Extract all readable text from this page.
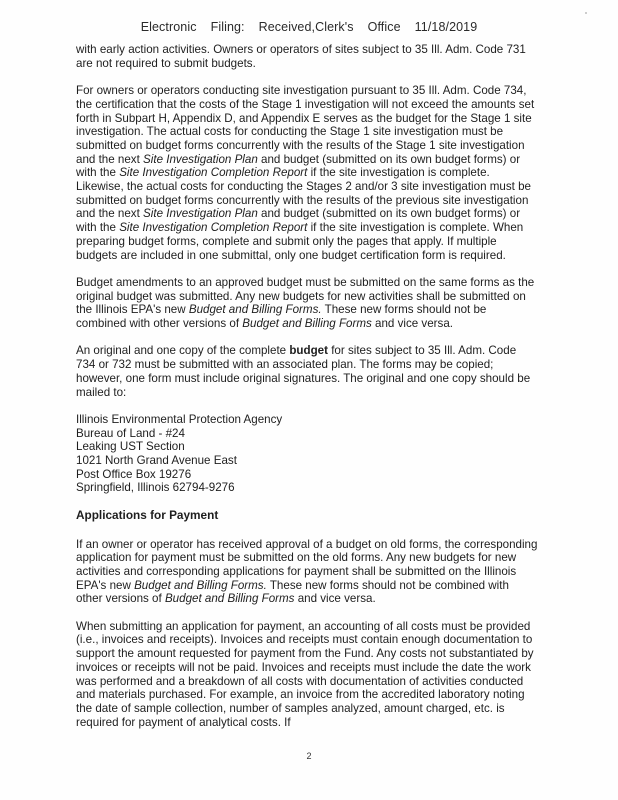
Electronic Filing: Received,Clerk's Office 11/18/2019

with early action activities. Owners or operators of sites subject to 35 Ill. Adm. Code 731 are not required to submit budgets.

For owners or operators conducting site investigation pursuant to 35 Ill. Adm. Code 734, the certification that the costs of the Stage 1 investigation will not exceed the amounts set forth in Subpart H, Appendix D, and Appendix E serves as the budget for the Stage 1 site investigation. The actual costs for conducting the Stage 1 site investigation must be submitted on budget forms concurrently with the results of the Stage 1 site investigation and the next Site Investigation Plan and budget (submitted on its own budget forms) or with the Site Investigation Completion Report if the site investigation is complete. Likewise, the actual costs for conducting the Stages 2 and/or 3 site investigation must be submitted on budget forms concurrently with the results of the previous site investigation and the next Site Investigation Plan and budget (submitted on its own budget forms) or with the Site Investigation Completion Report if the site investigation is complete. When preparing budget forms, complete and submit only the pages that apply. If multiple budgets are included in one submittal, only one budget certification form is required.

Budget amendments to an approved budget must be submitted on the same forms as the original budget was submitted. Any new budgets for new activities shall be submitted on the Illinois EPA's new Budget and Billing Forms. These new forms should not be combined with other versions of Budget and Billing Forms and vice versa.

An original and one copy of the complete budget for sites subject to 35 Ill. Adm. Code 734 or 732 must be submitted with an associated plan. The forms may be copied; however, one form must include original signatures. The original and one copy should be mailed to:

Illinois Environmental Protection Agency
Bureau of Land - #24
Leaking UST Section
1021 North Grand Avenue East
Post Office Box 19276
Springfield, Illinois 62794-9276
Applications for Payment

If an owner or operator has received approval of a budget on old forms, the corresponding application for payment must be submitted on the old forms. Any new budgets for new activities and corresponding applications for payment shall be submitted on the Illinois EPA's new Budget and Billing Forms. These new forms should not be combined with other versions of Budget and Billing Forms and vice versa.

When submitting an application for payment, an accounting of all costs must be provided (i.e., invoices and receipts). Invoices and receipts must contain enough documentation to support the amount requested for payment from the Fund. Any costs not substantiated by invoices or receipts will not be paid. Invoices and receipts must include the date the work was performed and a breakdown of all costs with documentation of activities conducted and materials purchased. For example, an invoice from the accredited laboratory noting the date of sample collection, number of samples analyzed, amount charged, etc. is required for payment of analytical costs. If

2
